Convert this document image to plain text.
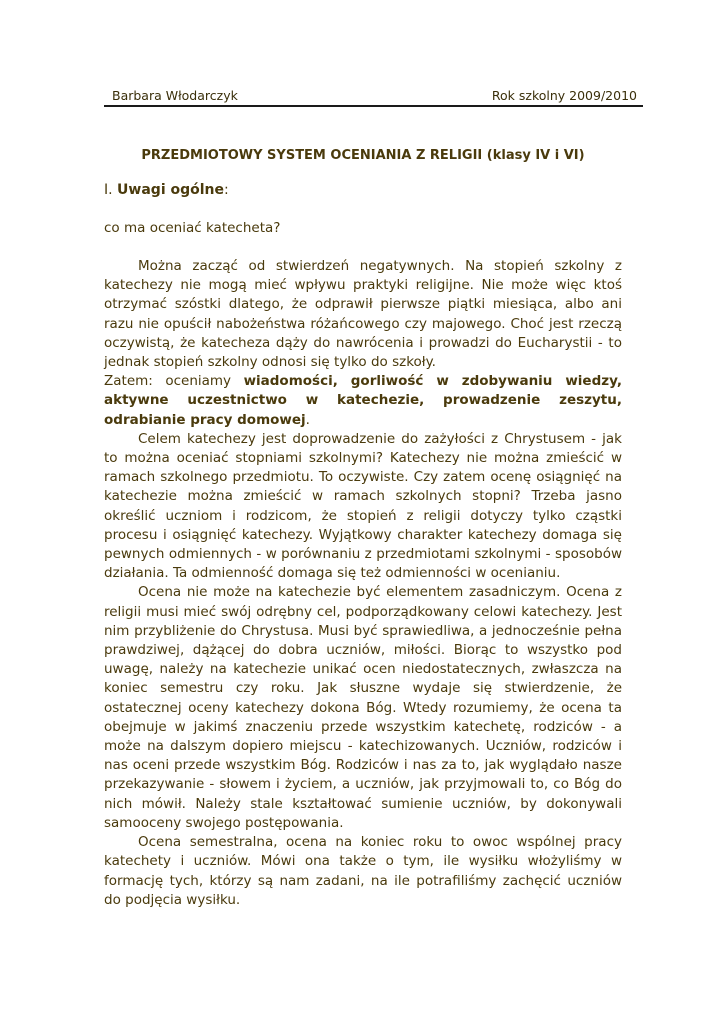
Barbara Włodarczyk	Rok szkolny 2009/2010
PRZEDMIOTOWY SYSTEM OCENIANIA Z RELIGII (klasy IV i VI)
I. Uwagi ogólne:
co ma oceniać katecheta?

Można zacząć od stwierdzeń negatywnych. Na stopień szkolny z katechezy nie mogą mieć wpływu praktyki religijne. Nie może więc ktoś otrzymać szóstki dlatego, że odprawił pierwsze piątki miesiąca, albo ani razu nie opuścił nabożeństwa różańcowego czy majowego. Choć jest rzeczą oczywistą, że katecheza dąży do nawrócenia i prowadzi do Eucharystii - to jednak stopień szkolny odnosi się tylko do szkoły.

Zatem: oceniamy wiadomości, gorliwość w zdobywaniu wiedzy, aktywne uczestnictwo w katechezie, prowadzenie zeszytu, odrabianie pracy domowej.

Celem katechezy jest doprowadzenie do zażyłości z Chrystusem - jak to można oceniać stopniami szkolnymi? Katechezy nie można zmieścić w ramach szkolnego przedmiotu. To oczywiste. Czy zatem ocenę osiągnięć na katechezie można zmieścić w ramach szkolnych stopni? Trzeba jasno określić uczniom i rodzicom, że stopień z religii dotyczy tylko cząstki procesu i osiągnięć katechezy. Wyjątkowy charakter katechezy domaga się pewnych odmiennych - w porównaniu z przedmiotami szkolnymi - sposobów działania. Ta odmienność domaga się też odmienności w ocenianiu.

Ocena nie może na katechezie być elementem zasadniczym. Ocena z religii musi mieć swój odrębny cel, podporządkowany celowi katechezy. Jest nim przybliżenie do Chrystusa. Musi być sprawiedliwa, a jednocześnie pełna prawdziwej, dążącej do dobra uczniów, miłości. Biorąc to wszystko pod uwagę, należy na katechezie unikać ocen niedostatecznych, zwłaszcza na koniec semestru czy roku. Jak słuszne wydaje się stwierdzenie, że ostatecznej oceny katechezy dokona Bóg. Wtedy rozumiemy, że ocena ta obejmuje w jakimś znaczeniu przede wszystkim katechetę, rodziców - a może na dalszym dopiero miejscu - katechizowanych. Uczniów, rodziców i nas oceni przede wszystkim Bóg. Rodziców i nas za to, jak wyglądało nasze przekazywanie - słowem i życiem, a uczniów, jak przyjmowali to, co Bóg do nich mówił. Należy stale kształtować sumienie uczniów, by dokonywali samooceny swojego postępowania.

Ocena semestralna, ocena na koniec roku to owoc wspólnej pracy katechety i uczniów. Mówi ona także o tym, ile wysiłku włożyliśmy w formację tych, którzy są nam zadani, na ile potrafiliśmy zachęcić uczniów do podjęcia wysiłku.
